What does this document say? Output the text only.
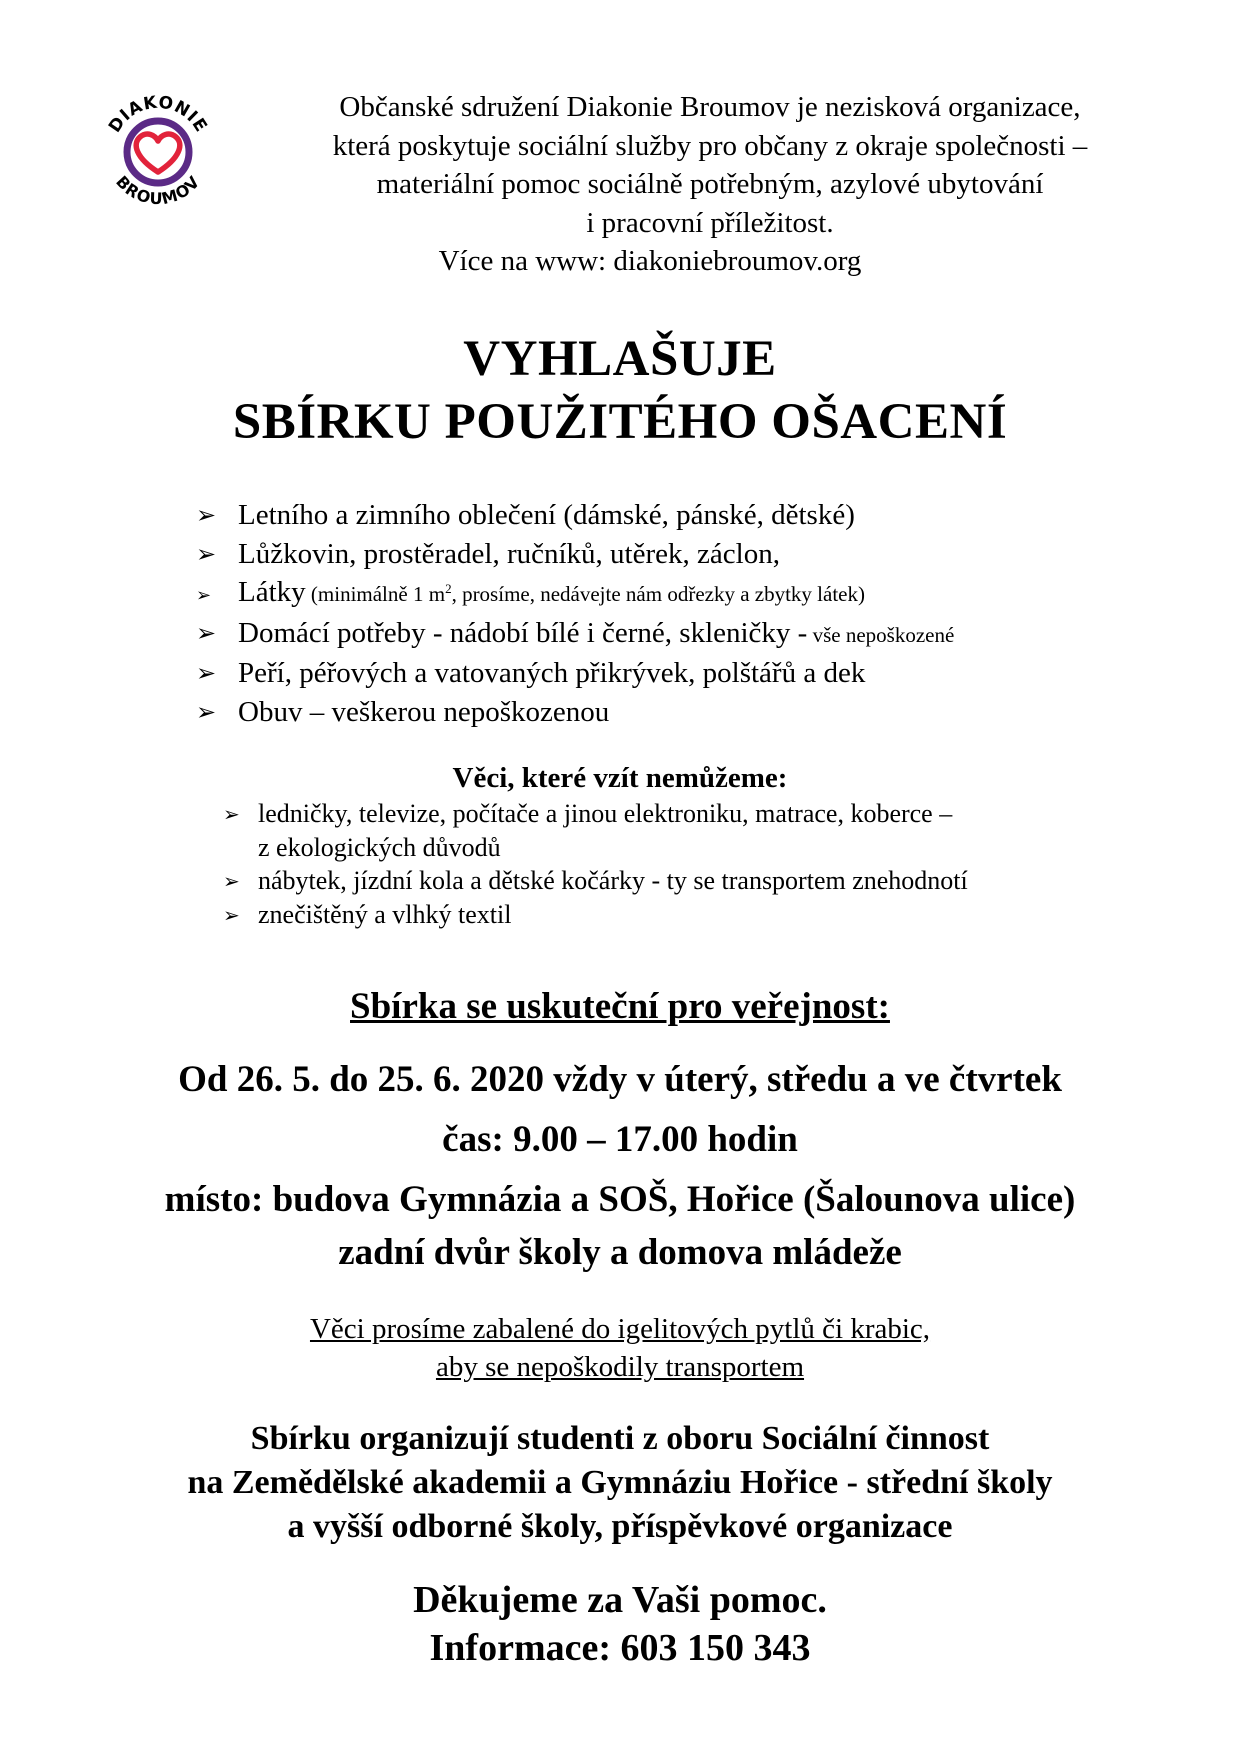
DIAKONIE
BROUMOV
Občanské sdružení Diakonie Broumov je nezisková organizace,
která poskytuje sociální služby pro občany z okraje společnosti –
materiální pomoc sociálně potřebným, azylové ubytování
i pracovní příležitost.
Více na www: diakoniebroumov.org
VYHLAŠUJE
SBÍRKU POUŽITÉHO OŠACENÍ
➢ Letního a zimního oblečení (dámské, pánské, dětské)
➢ Lůžkovin, prostěradel, ručníků, utěrek, záclon,
➢ Látky (minimálně 1 $m^2$, prosíme, nedávejte nám odřezky a zbytky látek)
➢ Domácí potřeby - nádobí bílé i černé, skleničky - vše nepoškozené
➢ Peří, péřových a vatovaných přikrývek, polštářů a dek
➢ Obuv – veškerou nepoškozenou
Věci, které vzít nemůžeme:
➢ ledničky, televize, počítače a jinou elektroniku, matrace, koberce –
z ekologických důvodů
➢ nábytek, jízdní kola a dětské kočárky - ty se transportem znehodnotí
➢ znečištěný a vlhký textil
Sbírka se uskuteční pro veřejnost:
Od 26. 5. do 25. 6. 2020 vždy v úterý, středu a ve čtvrtek
čas: 9.00 – 17.00 hodin
místo: budova Gymnázia a SOŠ, Hořice (Šalounova ulice)
zadní dvůr školy a domova mládeže
Věci prosíme zabalené do igelitových pytlů či krabic,
aby se nepoškodily transportem
Sbírku organizují studenti z oboru Sociální činnost
na Zemědělské akademii a Gymnáziu Hořice - střední školy
a vyšší odborné školy, příspěvkové organizace
Děkujeme za Vaši pomoc.
Informace: 603 150 343
